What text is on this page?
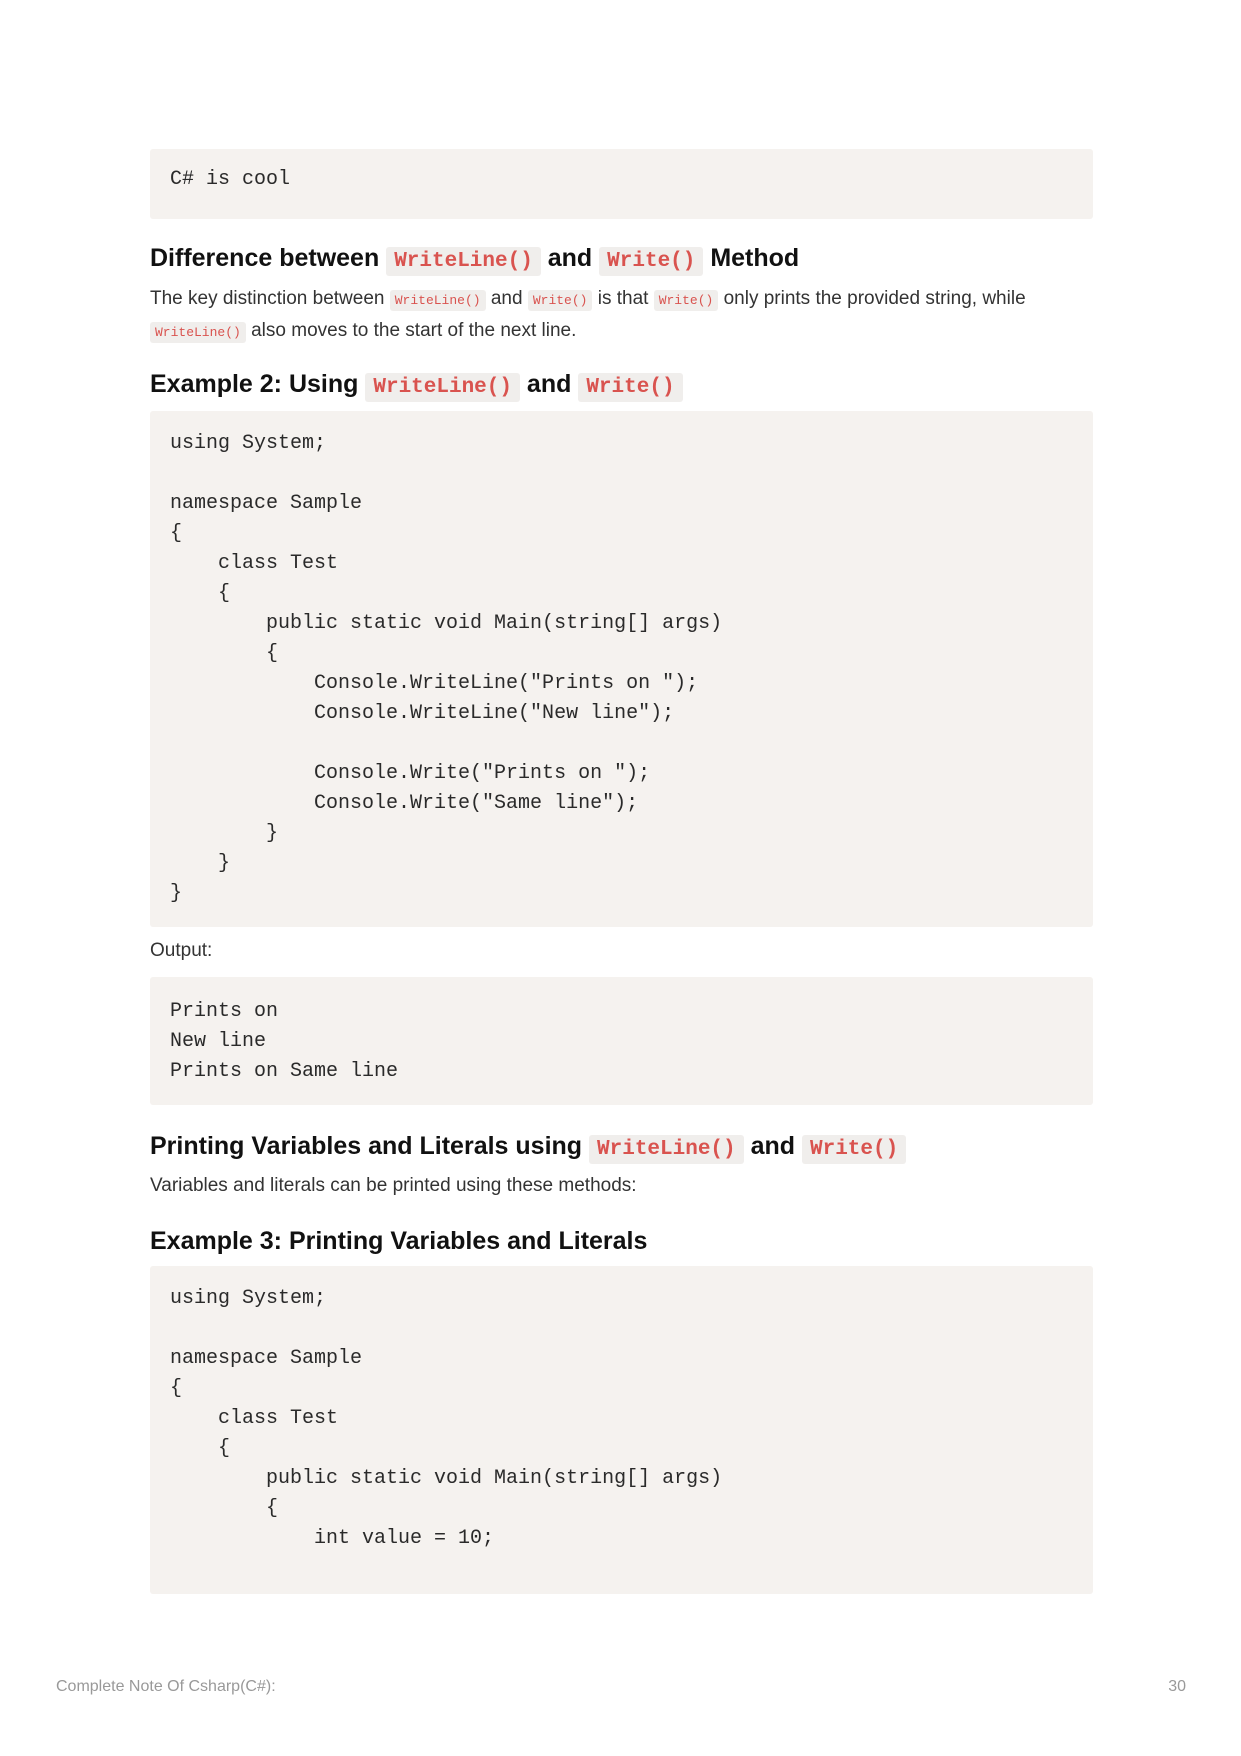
C# is cool
Difference between WriteLine() and Write() Method

The key distinction between WriteLine() and Write() is that Write() only prints the provided string, while
WriteLine() also moves to the start of the next line.

Example 2: Using WriteLine() and Write()
using System;
namespace Sample
{
class Test
{
public static void Main(string[] args)
{
Console.WriteLine("Prints on ");
Console.WriteLine("New line");
Console.Write("Prints on ");
Console.Write("Same line");
}
}
}

Output:

Prints on
New line
Prints on Same line
Printing Variables and Literals using WriteLine() and Write()

Variables and literals can be printed using these methods:

Example 3: Printing Variables and Literals
using System;
namespace Sample
{
class Test
{
public static void Main(string[] args)
{
int value = 10;
Complete Note Of Csharp(C#):	30
